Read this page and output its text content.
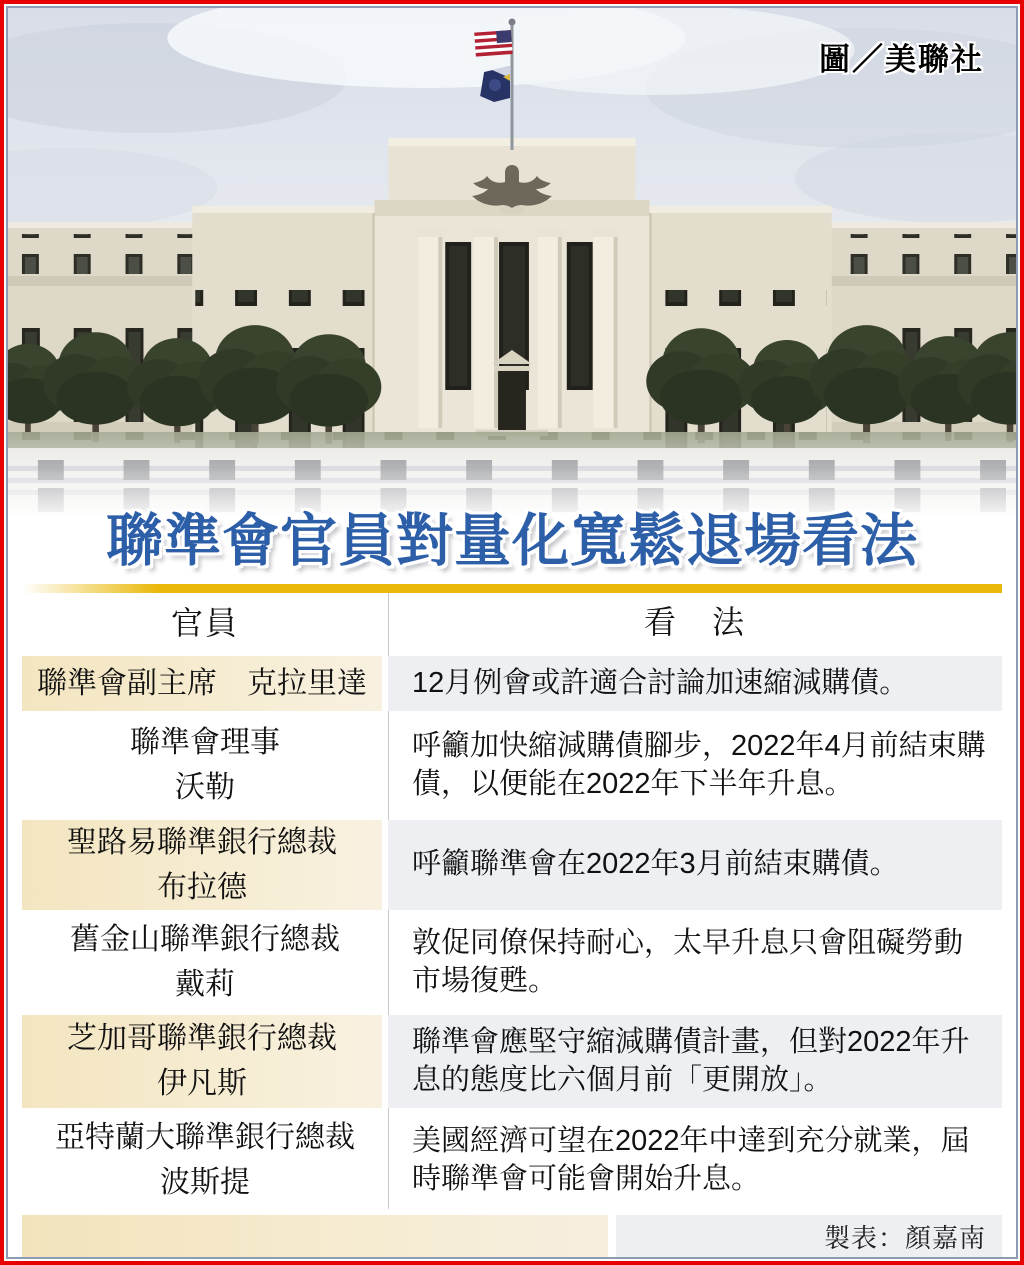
圖／美聯社
聯準會官員對量化寬鬆退場看法
官員	看　法
聯準會副主席　克拉里達 12月例會或許適合討論加速縮減購債。
聯準會理事
沃勒
呼籲加快縮減購債腳步，2022年4月前結束購債，以便能在2022年下半年升息。
聖路易聯準銀行總裁
布拉德
呼籲聯準會在2022年3月前結束購債。
舊金山聯準銀行總裁
戴莉
敦促同僚保持耐心，太早升息只會阻礙勞動市場復甦。
芝加哥聯準銀行總裁
伊凡斯
聯準會應堅守縮減購債計畫，但對2022年升息的態度比六個月前「更開放」。
亞特蘭大聯準銀行總裁
波斯提
美國經濟可望在2022年中達到充分就業，屆時聯準會可能會開始升息。
製表：顏嘉南
